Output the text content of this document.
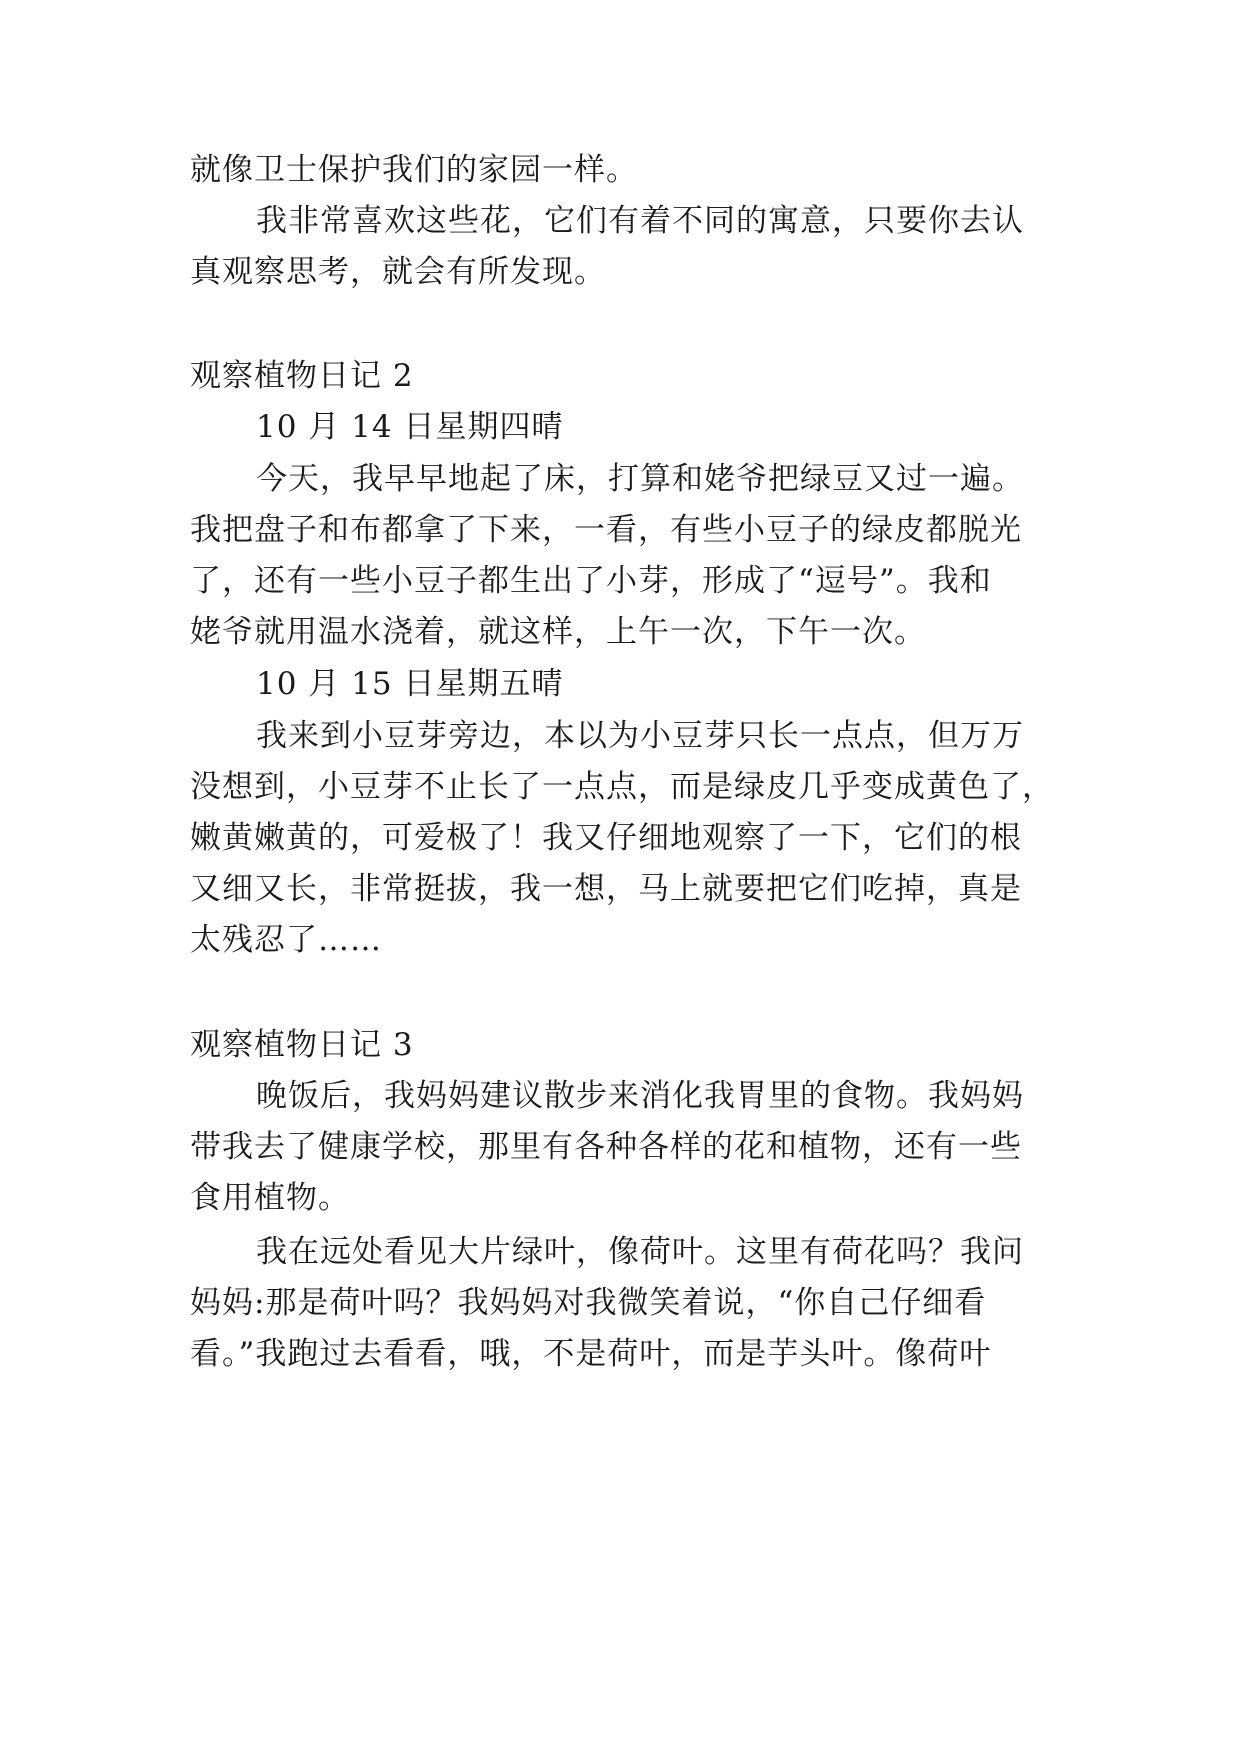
就像卫士保护我们的家园一样。
我非常喜欢这些花，它们有着不同的寓意，只要你去认
真观察思考，就会有所发现。
观察植物日记 2
10 月 14 日星期四晴
今天，我早早地起了床，打算和姥爷把绿豆又过一遍。
我把盘子和布都拿了下来，一看，有些小豆子的绿皮都脱光
了，还有一些小豆子都生出了小芽，形成了“逗号”。我和
姥爷就用温水浇着，就这样，上午一次，下午一次。
10 月 15 日星期五晴
我来到小豆芽旁边，本以为小豆芽只长一点点，但万万
没想到，小豆芽不止长了一点点，而是绿皮几乎变成黄色了，
嫩黄嫩黄的，可爱极了！我又仔细地观察了一下，它们的根
又细又长，非常挺拔，我一想，马上就要把它们吃掉，真是
太残忍了……
观察植物日记 3
晚饭后，我妈妈建议散步来消化我胃里的食物。我妈妈
带我去了健康学校，那里有各种各样的花和植物，还有一些
食用植物。
我在远处看见大片绿叶，像荷叶。这里有荷花吗？我问
妈妈:那是荷叶吗？我妈妈对我微笑着说，“你自己仔细看
看。”我跑过去看看，哦，不是荷叶，而是芋头叶。像荷叶
